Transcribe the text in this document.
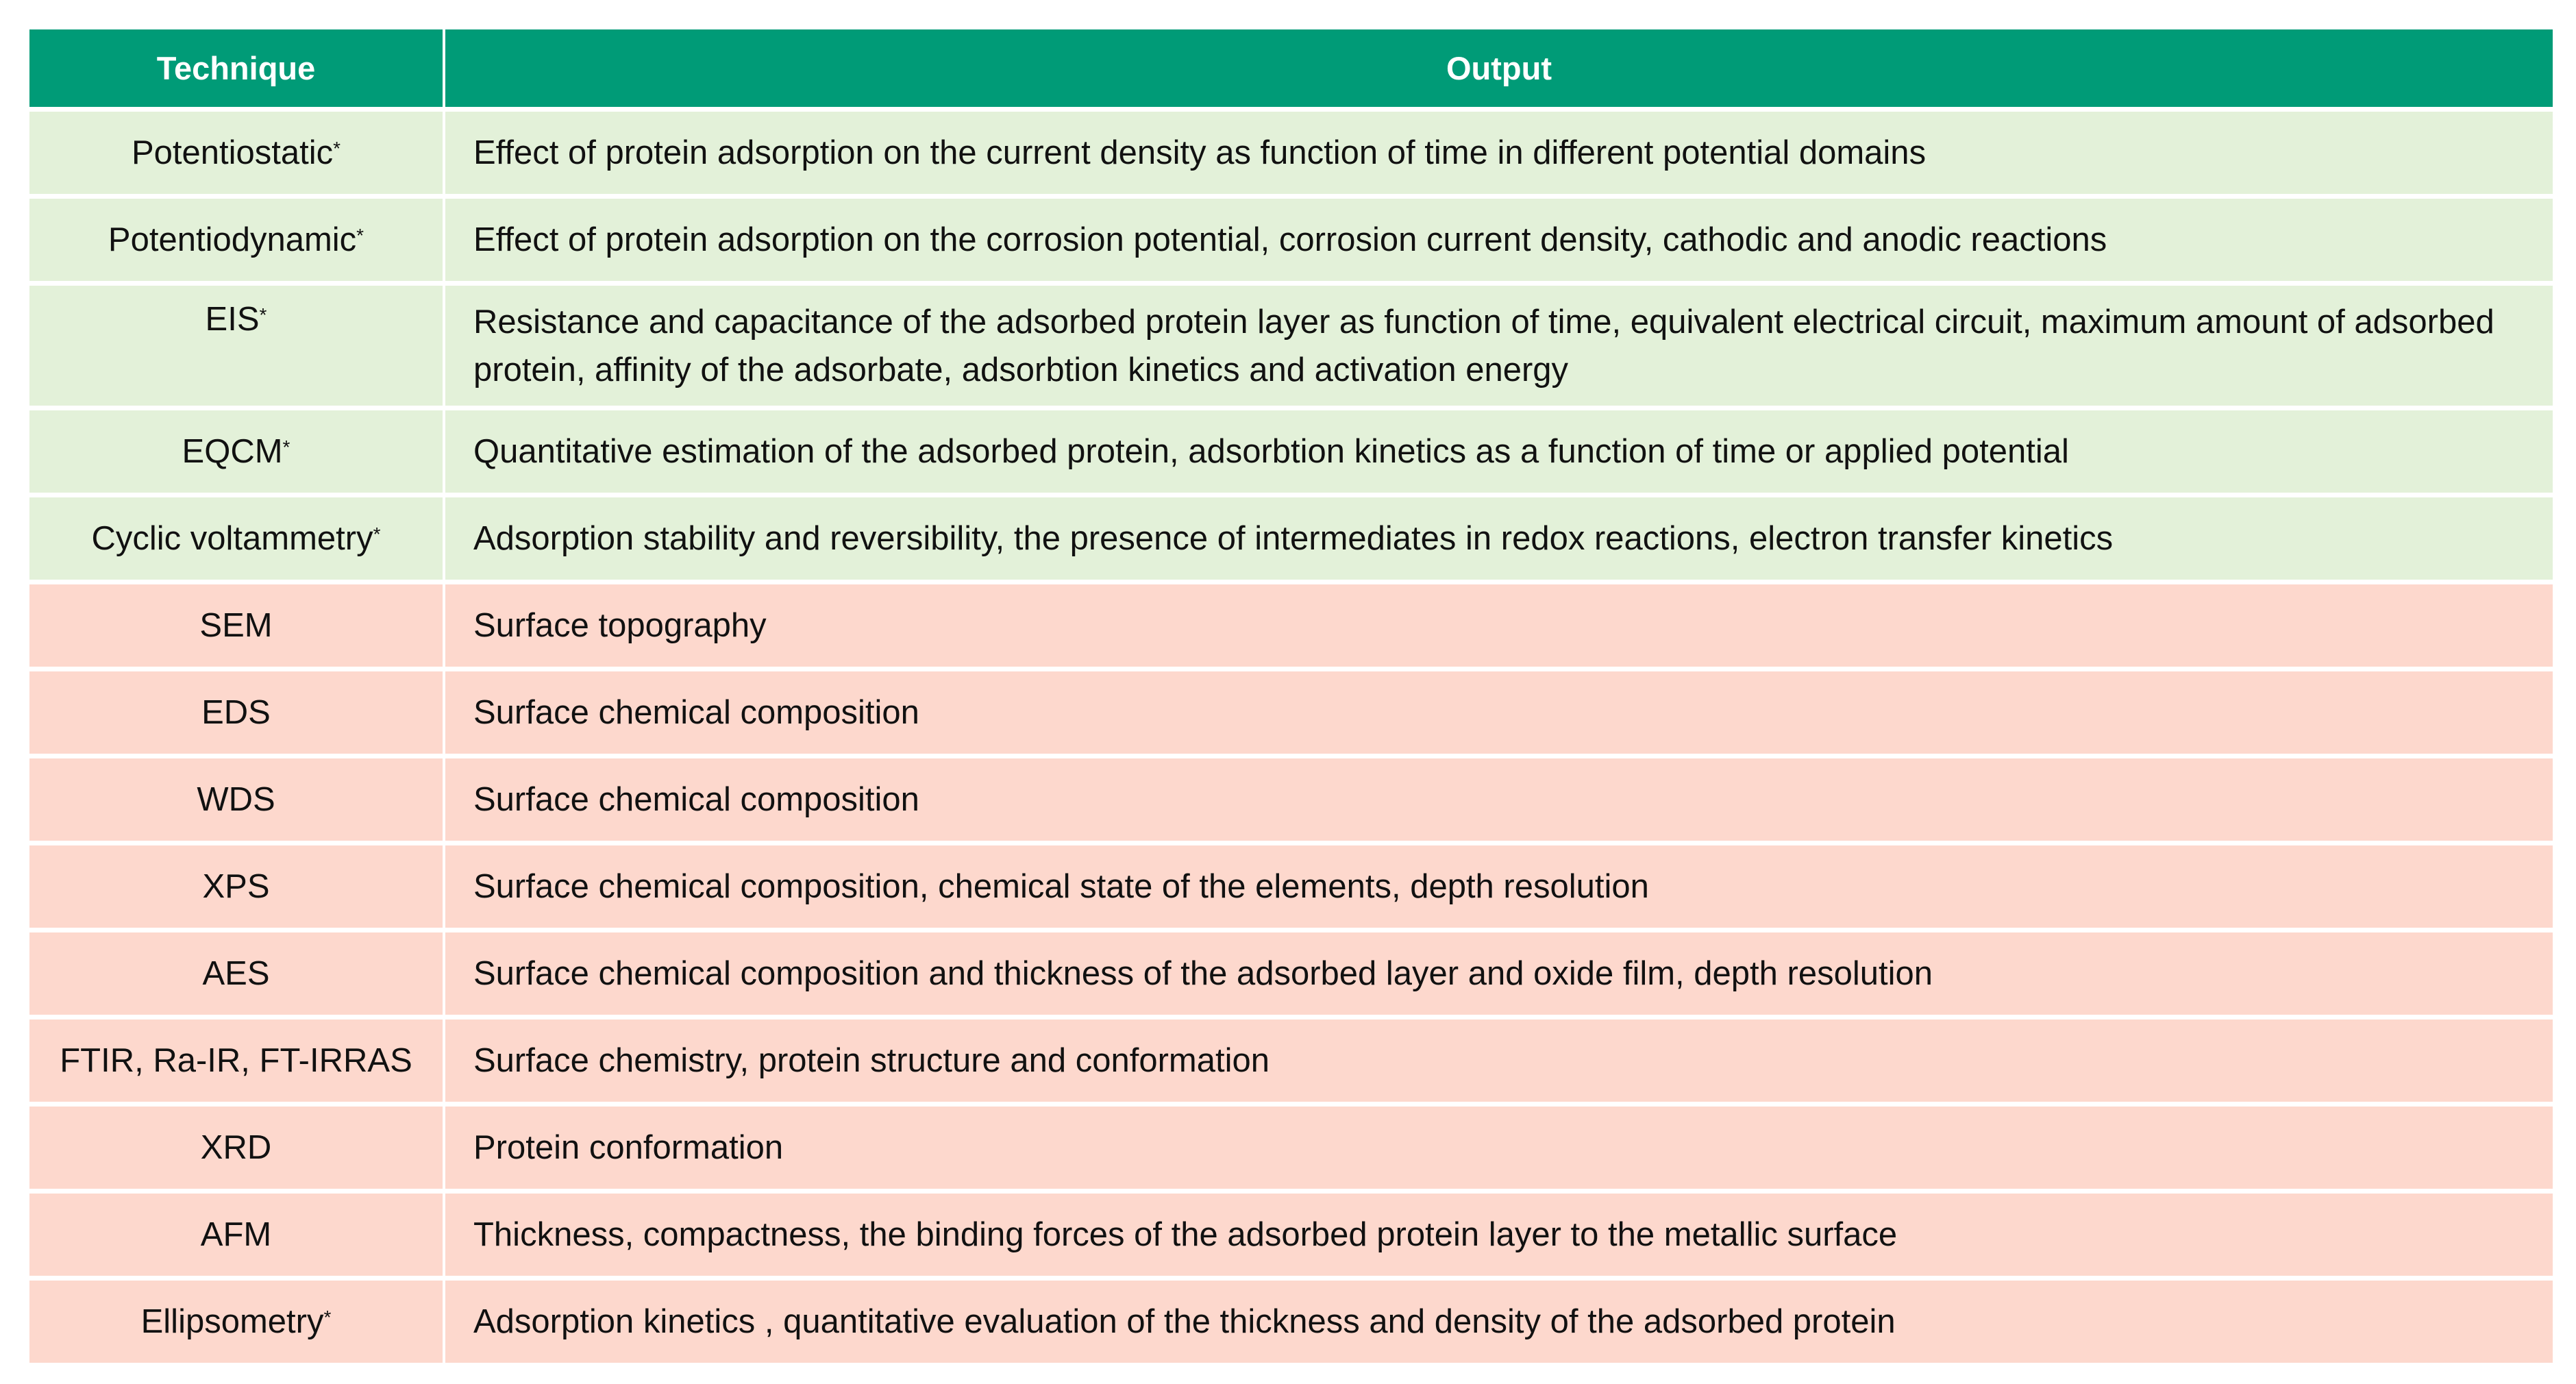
Technique	Output
Potentiostatic*	Effect of protein adsorption on the current density as function of time in different potential domains
Potentiodynamic*	Effect of protein adsorption on the corrosion potential, corrosion current density, cathodic and anodic reactions
EIS*	Resistance and capacitance of the adsorbed protein layer as function of time, equivalent electrical circuit, maximum amount of adsorbed protein, affinity of the adsorbate, adsorbtion kinetics and activation energy
EQCM*	Quantitative estimation of the adsorbed protein, adsorbtion kinetics as a function of time or applied potential
Cyclic voltammetry*	Adsorption stability and reversibility, the presence of intermediates in redox reactions, electron transfer kinetics
SEM	Surface topography
EDS	Surface chemical composition
WDS	Surface chemical composition
XPS	Surface chemical composition, chemical state of the elements, depth resolution
AES	Surface chemical composition and thickness of the adsorbed layer and oxide film, depth resolution
FTIR, Ra-IR, FT-IRRAS	Surface chemistry, protein structure and conformation
XRD	Protein conformation
AFM	Thickness, compactness, the binding forces of the adsorbed protein layer to the metallic surface
Ellipsometry*	Adsorption kinetics , quantitative evaluation of the thickness and density of the adsorbed protein
